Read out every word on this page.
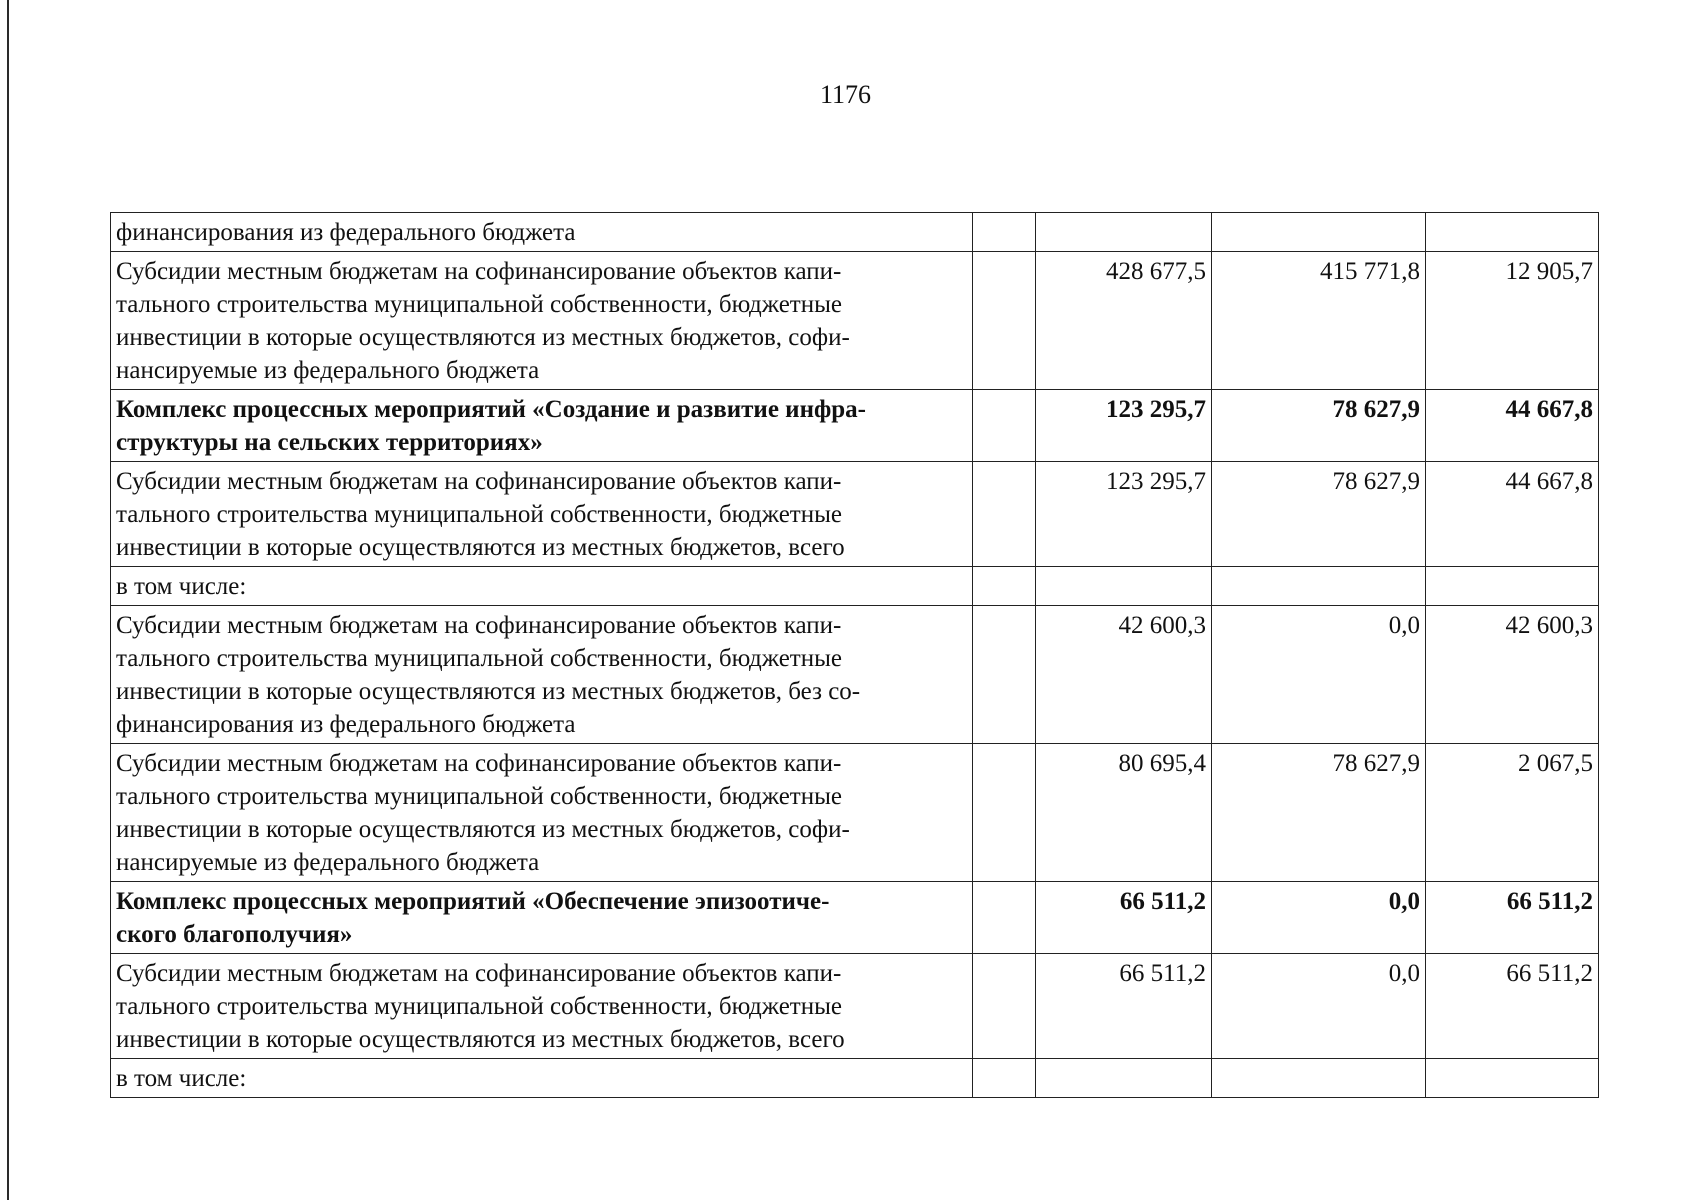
1176
финансирования из федерального бюджета				

Субсидии местным бюджетам на софинансирование объектов капи-
тального строительства муниципальной собственности, бюджетные
инвестиции в которые осуществляются из местных бюджетов, софи-
нансируемые из федерального бюджета		428 677,5	415 771,8	12 905,7

Комплекс процессных мероприятий «Создание и развитие инфра-
структуры на сельских территориях»		123 295,7	78 627,9	44 667,8

Субсидии местным бюджетам на софинансирование объектов капи-
тального строительства муниципальной собственности, бюджетные
инвестиции в которые осуществляются из местных бюджетов, всего		123 295,7	78 627,9	44 667,8

в том числе:				

Субсидии местным бюджетам на софинансирование объектов капи-
тального строительства муниципальной собственности, бюджетные
инвестиции в которые осуществляются из местных бюджетов, без со-
финансирования из федерального бюджета		42 600,3	0,0	42 600,3

Субсидии местным бюджетам на софинансирование объектов капи-
тального строительства муниципальной собственности, бюджетные
инвестиции в которые осуществляются из местных бюджетов, софи-
нансируемые из федерального бюджета		80 695,4	78 627,9	2 067,5

Комплекс процессных мероприятий «Обеспечение эпизоотиче-
ского благополучия»		66 511,2	0,0	66 511,2

Субсидии местным бюджетам на софинансирование объектов капи-
тального строительства муниципальной собственности, бюджетные
инвестиции в которые осуществляются из местных бюджетов, всего		66 511,2	0,0	66 511,2

в том числе:				
